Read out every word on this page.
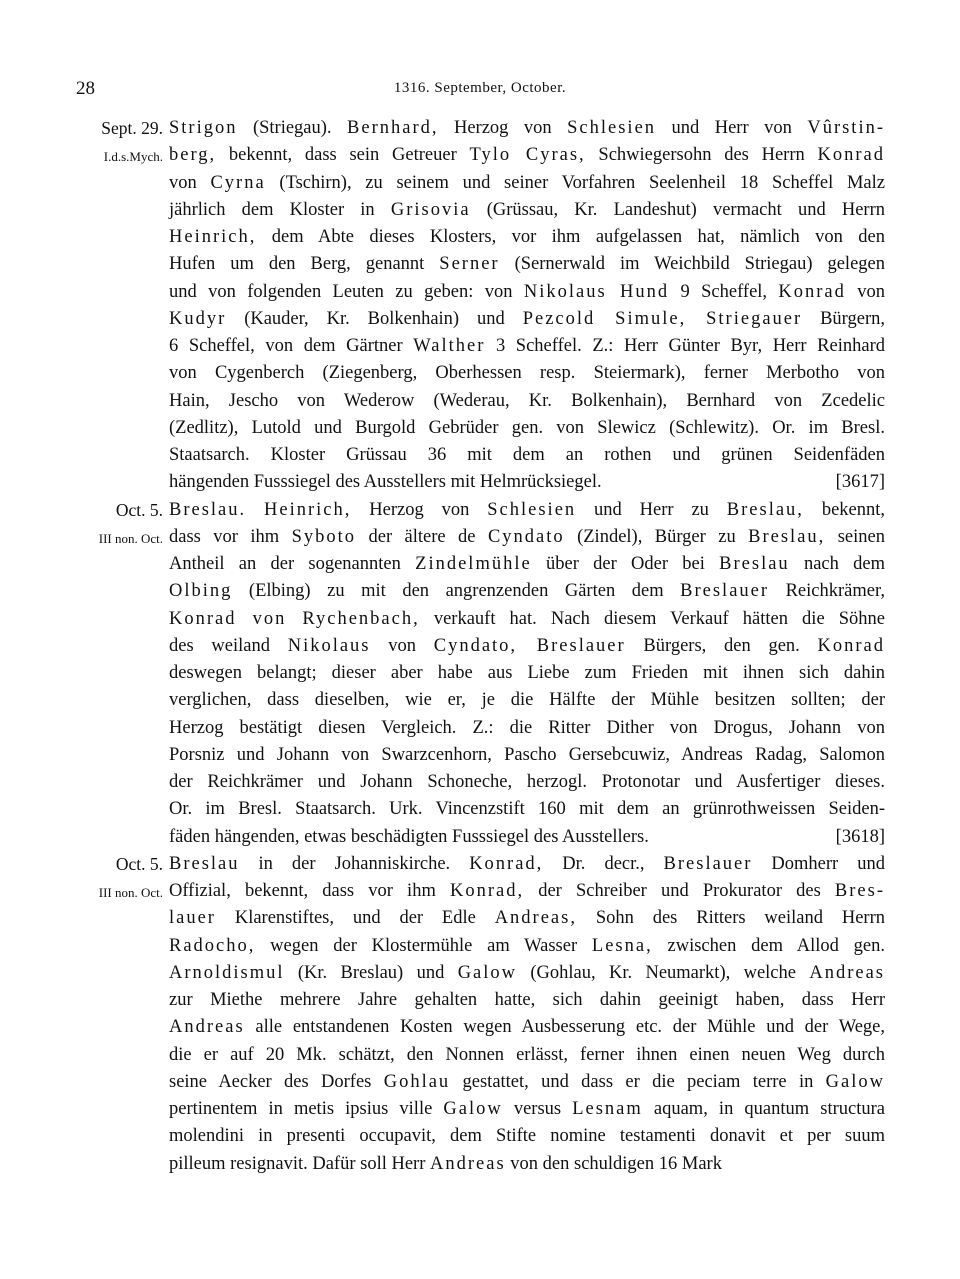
28	1316. September, October.
Sept. 29. Strigon (Striegau). Bernhard, Herzog von Schlesien und Herr von Vûrstin-
I.d.s.Mych. berg, bekennt, dass sein Getreuer Tylo Cyras, Schwiegersohn des Herrn Konrad
von Cyrna (Tschirn), zu seinem und seiner Vorfahren Seelenheil 18 Scheffel Malz
jährlich dem Kloster in Grisovia (Grüssau, Kr. Landeshut) vermacht und Herrn
Heinrich, dem Abte dieses Klosters, vor ihm aufgelassen hat, nämlich von den
Hufen um den Berg, genannt Serner (Sernerwald im Weichbild Striegau) gelegen
und von folgenden Leuten zu geben: von Nikolaus Hund 9 Scheffel, Konrad von
Kudyr (Kauder, Kr. Bolkenhain) und Pezcold Simule, Striegauer Bürgern,
6 Scheffel, von dem Gärtner Walther 3 Scheffel. Z.: Herr Günter Byr, Herr Reinhard
von Cygenberch (Ziegenberg, Oberhessen resp. Steiermark), ferner Merbotho von
Hain, Jescho von Wederow (Wederau, Kr. Bolkenhain), Bernhard von Zcedelic
(Zedlitz), Lutold und Burgold Gebrüder gen. von Slewicz (Schlewitz). Or. im Bresl.
Staatsarch. Kloster Grüssau 36 mit dem an rothen und grünen Seidenfäden
hängenden Fusssiegel des Ausstellers mit Helmrücksiegel.	[3617]
Oct. 5. Breslau. Heinrich, Herzog von Schlesien und Herr zu Breslau, bekennt,
III non. Oct. dass vor ihm Syboto der ältere de Cyndato (Zindel), Bürger zu Breslau, seinen
Antheil an der sogenannten Zindelmühle über der Oder bei Breslau nach dem
Olbing (Elbing) zu mit den angrenzenden Gärten dem Breslauer Reichkrämer,
Konrad von Rychenbach, verkauft hat. Nach diesem Verkauf hätten die Söhne
des weiland Nikolaus von Cyndato, Breslauer Bürgers, den gen. Konrad
deswegen belangt; dieser aber habe aus Liebe zum Frieden mit ihnen sich dahin
verglichen, dass dieselben, wie er, je die Hälfte der Mühle besitzen sollten; der
Herzog bestätigt diesen Vergleich. Z.: die Ritter Dither von Drogus, Johann von
Porsniz und Johann von Swarzcenhorn, Pascho Gersebcuwiz, Andreas Radag, Salomon
der Reichkrämer und Johann Schoneche, herzogl. Protonotar und Ausfertiger dieses.
Or. im Bresl. Staatsarch. Urk. Vincenzstift 160 mit dem an grünrothweissen Seiden-
fäden hängenden, etwas beschädigten Fusssiegel des Ausstellers.	[3618]
Oct. 5. Breslau in der Johanniskirche. Konrad, Dr. decr., Breslauer Domherr und
III non. Oct. Offizial, bekennt, dass vor ihm Konrad, der Schreiber und Prokurator des Bres-
lauer Klarenstiftes, und der Edle Andreas, Sohn des Ritters weiland Herrn
Radocho, wegen der Klostermühle am Wasser Lesna, zwischen dem Allod gen.
Arnoldismul (Kr. Breslau) und Galow (Gohlau, Kr. Neumarkt), welche Andreas
zur Miethe mehrere Jahre gehalten hatte, sich dahin geeinigt haben, dass Herr
Andreas alle entstandenen Kosten wegen Ausbesserung etc. der Mühle und der Wege,
die er auf 20 Mk. schätzt, den Nonnen erlässt, ferner ihnen einen neuen Weg durch
seine Aecker des Dorfes Gohlau gestattet, und dass er die peciam terre in Galow
pertinentem in metis ipsius ville Galow versus Lesnam aquam, in quantum structura
molendini in presenti occupavit, dem Stifte nomine testamenti donavit et per suum
pilleum resignavit. Dafür soll Herr Andreas von den schuldigen 16 Mark
